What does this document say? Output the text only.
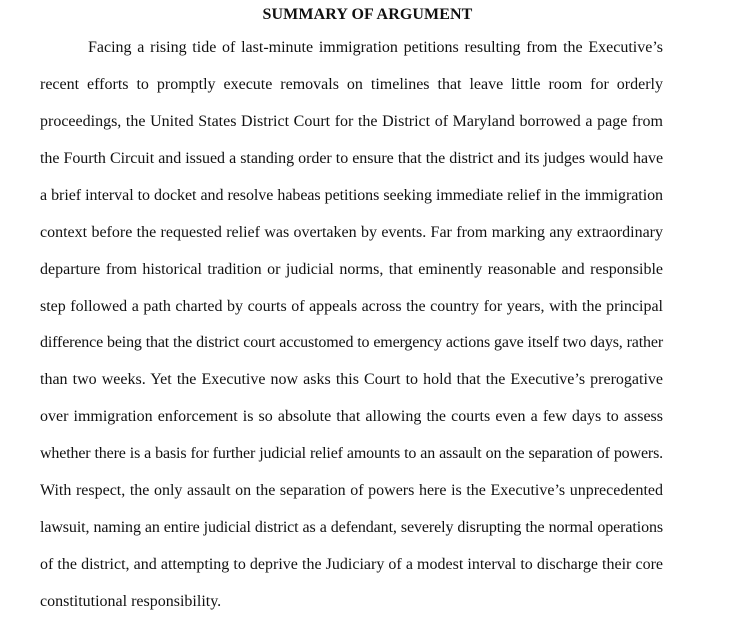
SUMMARY OF ARGUMENT

Facing a rising tide of last-minute immigration petitions resulting from the Executive’s

recent efforts to promptly execute removals on timelines that leave little room for orderly

proceedings, the United States District Court for the District of Maryland borrowed a page from

the Fourth Circuit and issued a standing order to ensure that the district and its judges would have

a brief interval to docket and resolve habeas petitions seeking immediate relief in the immigration

context before the requested relief was overtaken by events. Far from marking any extraordinary

departure from historical tradition or judicial norms, that eminently reasonable and responsible

step followed a path charted by courts of appeals across the country for years, with the principal

difference being that the district court accustomed to emergency actions gave itself two days, rather

than two weeks. Yet the Executive now asks this Court to hold that the Executive’s prerogative

over immigration enforcement is so absolute that allowing the courts even a few days to assess

whether there is a basis for further judicial relief amounts to an assault on the separation of powers.

With respect, the only assault on the separation of powers here is the Executive’s unprecedented

lawsuit, naming an entire judicial district as a defendant, severely disrupting the normal operations

of the district, and attempting to deprive the Judiciary of a modest interval to discharge their core

constitutional responsibility.
